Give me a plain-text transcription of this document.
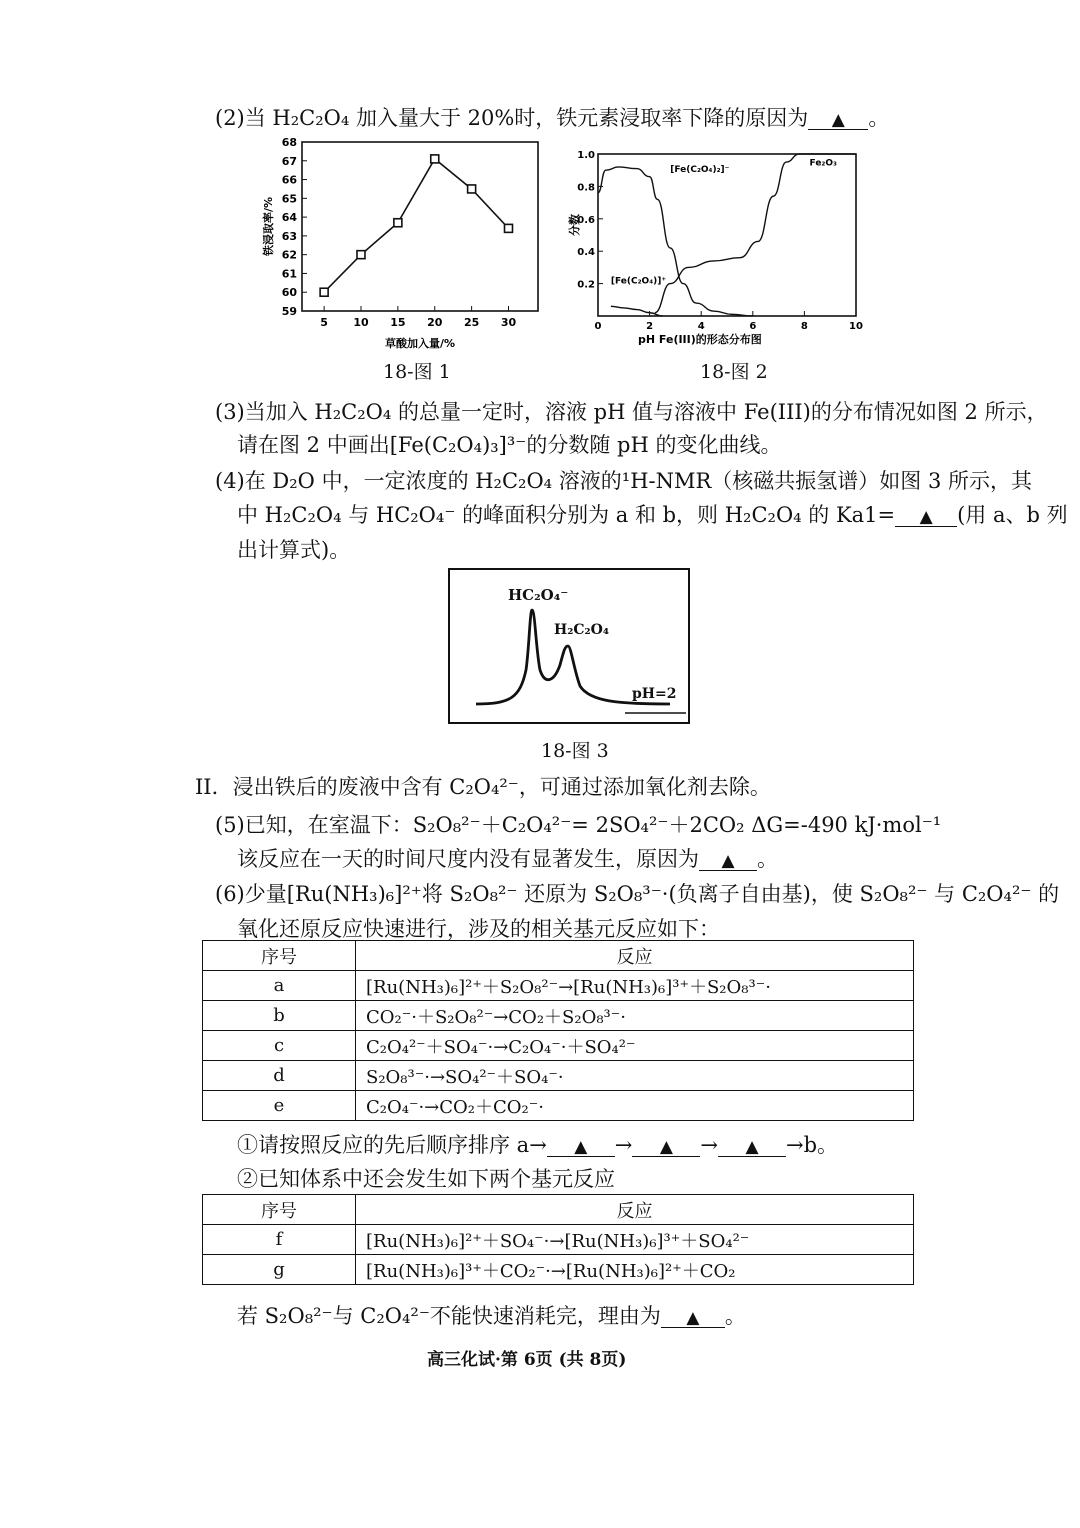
(2)当 H₂C₂O₄ 加入量大于 20%时，铁元素浸取率下降的原因为 ▲ 。
59
60
61
62
63
64
65
66
67
68
5 10 15 20 25 30
草酸加入量/%
铁浸取率/%
18-图 1
0.2
0.4
0.6
0.8
1.0
0	2	4	6	8	10
[Fe(C₂O₄)₂]⁻
[Fe(C₂O₄)]⁺
Fe₂O₃
pH Fe(III)的形态分布图
分数
18-图 2
(3)当加入 H₂C₂O₄ 的总量一定时，溶液 pH 值与溶液中 Fe(III)的分布情况如图 2 所示，
请在图 2 中画出[Fe(C₂O₄)₃]³⁻的分数随 pH 的变化曲线。
(4)在 D₂O 中，一定浓度的 H₂C₂O₄ 溶液的¹H-NMR（核磁共振氢谱）如图 3 所示，其
中 H₂C₂O₄ 与 HC₂O₄⁻ 的峰面积分别为 a 和 b，则 H₂C₂O₄ 的 Ka1= ▲ (用 a、b 列
出计算式)。
HC₂O₄⁻
H₂C₂O₄
pH=2
18-图 3
II．浸出铁后的废液中含有 C₂O₄²⁻，可通过添加氧化剂去除。
(5)已知，在室温下：S₂O₈²⁻＋C₂O₄²⁻= 2SO₄²⁻＋2CO₂ ΔG=-490 kJ·mol⁻¹
该反应在一天的时间尺度内没有显著发生，原因为 ▲ 。
(6)少量[Ru(NH₃)₆]²⁺将 S₂O₈²⁻ 还原为 S₂O₈³⁻·(负离子自由基)，使 S₂O₈²⁻ 与 C₂O₄²⁻ 的
氧化还原反应快速进行，涉及的相关基元反应如下：
序号	反应
a	[Ru(NH₃)₆]²⁺＋S₂O₈²⁻→[Ru(NH₃)₆]³⁺＋S₂O₈³⁻·
b	CO₂⁻·＋S₂O₈²⁻→CO₂＋S₂O₈³⁻·
c	C₂O₄²⁻＋SO₄⁻·→C₂O₄⁻·＋SO₄²⁻
d	S₂O₈³⁻·→SO₄²⁻＋SO₄⁻·
e	C₂O₄⁻·→CO₂＋CO₂⁻·
①请按照反应的先后顺序排序 a→ ▲ → ▲ → ▲ →b。
②已知体系中还会发生如下两个基元反应
序号	反应
f	[Ru(NH₃)₆]²⁺＋SO₄⁻·→[Ru(NH₃)₆]³⁺＋SO₄²⁻
g	[Ru(NH₃)₆]³⁺＋CO₂⁻·→[Ru(NH₃)₆]²⁺＋CO₂
若 S₂O₈²⁻与 C₂O₄²⁻不能快速消耗完，理由为 ▲ 。
高三化试·第 6页 (共 8页)
